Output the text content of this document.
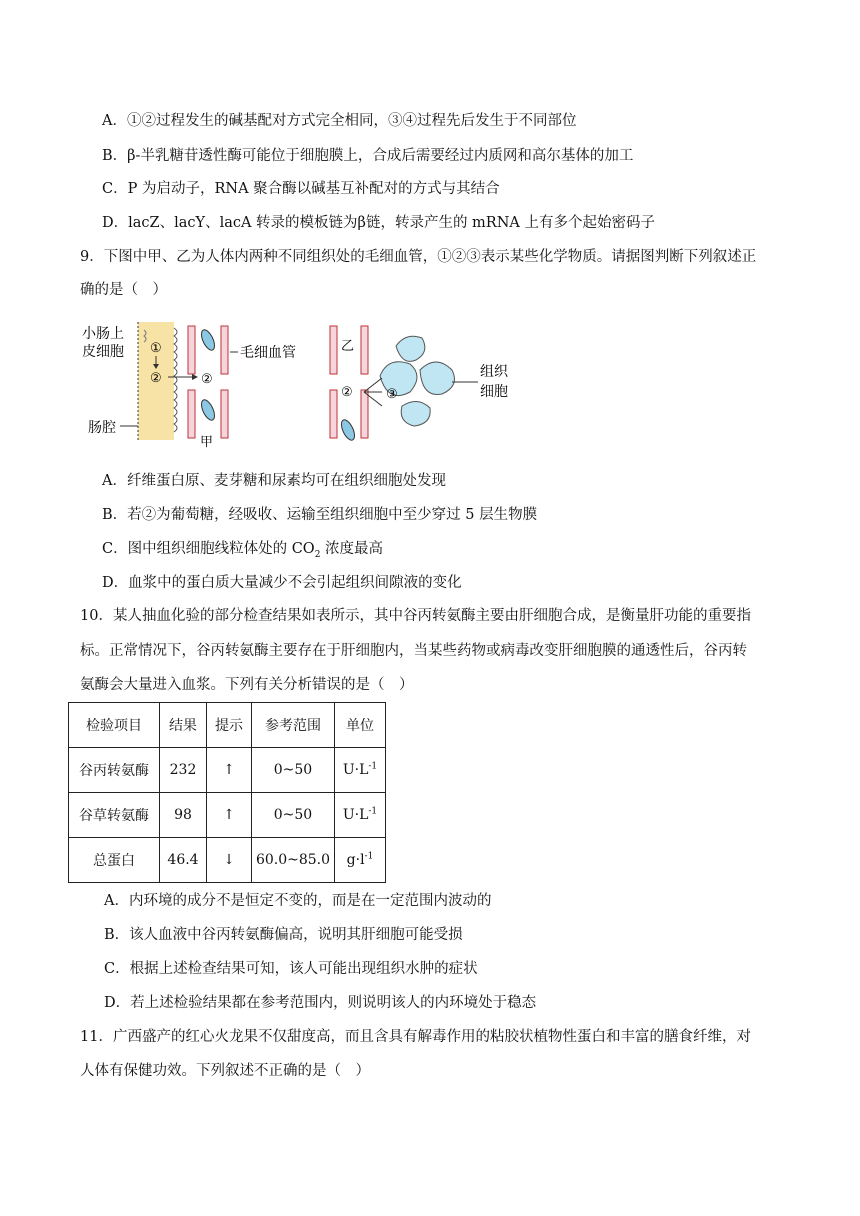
A．①②过程发生的碱基配对方式完全相同，③④过程先后发生于不同部位
B．β-半乳糖苷透性酶可能位于细胞膜上，合成后需要经过内质网和高尔基体的加工
C．P 为启动子，RNA 聚合酶以碱基互补配对的方式与其结合
D．lacZ、lacY、lacA 转录的模板链为β链，转录产生的 mRNA 上有多个起始密码子
9．下图中甲、乙为人体内两种不同组织处的毛细血管，①②③表示某些化学物质。请据图判断下列叙述正
确的是（　）
小肠上
皮细胞
肠腔
①
②	②
甲
毛细血管	乙
②	③
组织
细胞
A．纤维蛋白原、麦芽糖和尿素均可在组织细胞处发现
B．若②为葡萄糖，经吸收、运输至组织细胞中至少穿过 5 层生物膜
C．图中组织细胞线粒体处的 $CO_2$ 浓度最高
D．血浆中的蛋白质大量减少不会引起组织间隙液的变化
10．某人抽血化验的部分检查结果如表所示，其中谷丙转氨酶主要由肝细胞合成，是衡量肝功能的重要指
标。正常情况下，谷丙转氨酶主要存在于肝细胞内，当某些药物或病毒改变肝细胞膜的通透性后，谷丙转
氨酶会大量进入血浆。下列有关分析错误的是（　）
检验项目	结果	提示	参考范围	单位
谷丙转氨酶	232	↑	0~50	$U\cdot L^{-1}$
谷草转氨酶	98	↑	0~50	$U\cdot L^{-1}$
总蛋白	46.4	↓	60.0~85.0	$g\cdot l^{-1}$
A．内环境的成分不是恒定不变的，而是在一定范围内波动的
B．该人血液中谷丙转氨酶偏高，说明其肝细胞可能受损
C．根据上述检查结果可知，该人可能出现组织水肿的症状
D．若上述检验结果都在参考范围内，则说明该人的内环境处于稳态
11．广西盛产的红心火龙果不仅甜度高，而且含具有解毒作用的粘胶状植物性蛋白和丰富的膳食纤维，对
人体有保健功效。下列叙述不正确的是（　）
